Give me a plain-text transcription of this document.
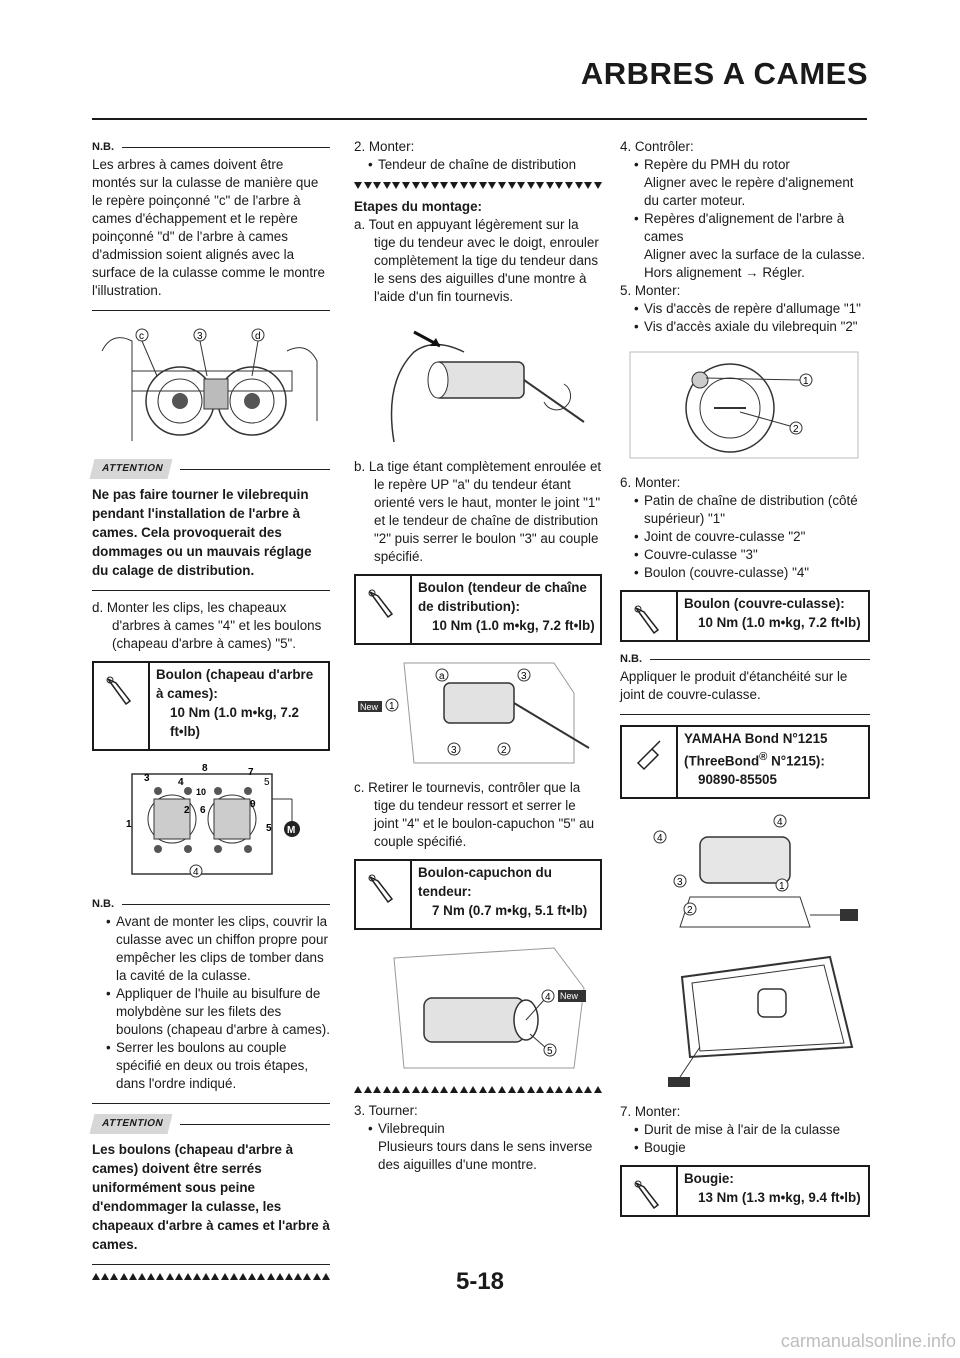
ARBRES A CAMES
N.B.
Les arbres à cames doivent être montés sur la culasse de manière que le repère poinçonné "c" de l'arbre à cames d'échappement et le repère poinçonné "d" de l'arbre à cames d'admission soient alignés avec la surface de la culasse comme le montre l'illustration.
c	3	d
ATTENTION
Ne pas faire tourner le vilebrequin pendant l'installation de l'arbre à cames. Cela provoquerait des dommages ou un mauvais réglage du calage de distribution.
d. Monter les clips, les chapeaux d'arbres à cames "4" et les boulons (chapeau d'arbre à cames) "5".
Boulon (chapeau d'arbre à cames):
10 Nm (1.0 m•kg, 7.2 ft•lb)
3	4
8	7
5
10
2 6
9
1	5
4
M
N.B.
• Avant de monter les clips, couvrir la culasse avec un chiffon propre pour empêcher les clips de tomber dans la cavité de la culasse.
• Appliquer de l'huile au bisulfure de molybdène sur les filets des boulons (chapeau d'arbre à cames).
• Serrer les boulons au couple spécifié en deux ou trois étapes, dans l'ordre indiqué.
ATTENTION
Les boulons (chapeau d'arbre à cames) doivent être serrés uniformément sous peine d'endommager la culasse, les chapeaux d'arbre à cames et l'arbre à cames.
2. Monter:
• Tendeur de chaîne de distribution
Etapes du montage:
a. Tout en appuyant légèrement sur la tige du tendeur avec le doigt, enrouler complètement la tige du tendeur dans le sens des aiguilles d'une montre à l'aide d'un fin tournevis.
b. La tige étant complètement enroulée et le repère UP "a" du tendeur étant orienté vers le haut, monter le joint "1" et le tendeur de chaîne de distribution "2" puis serrer le boulon "3" au couple spécifié.
Boulon (tendeur de chaîne de distribution):
10 Nm (1.0 m•kg, 7.2 ft•lb)
New 1
a	3
3	2
c. Retirer le tournevis, contrôler que la tige du tendeur ressort et serrer le joint "4" et le boulon-capuchon "5" au couple spécifié.
Boulon-capuchon du tendeur:
7 Nm (0.7 m•kg, 5.1 ft•lb)
4 New
5
3. Tourner:
• Vilebrequin
Plusieurs tours dans le sens inverse des aiguilles d'une montre.
4. Contrôler:
• Repère du PMH du rotor
Aligner avec le repère d'alignement du carter moteur.
• Repères d'alignement de l'arbre à cames
Aligner avec la surface de la culasse.
Hors alignement → Régler.
5. Monter:
• Vis d'accès de repère d'allumage "1"
• Vis d'accès axiale du vilebrequin "2"
1
2
6. Monter:
• Patin de chaîne de distribution (côté supérieur) "1"
• Joint de couvre-culasse "2"
• Couvre-culasse "3"
• Boulon (couvre-culasse) "4"
Boulon (couvre-culasse):
10 Nm (1.0 m•kg, 7.2 ft•lb)
N.B.
Appliquer le produit d'étanchéité sur le joint de couvre-culasse.
YAMAHA Bond N°1215 (ThreeBond® N°1215):
90890-85505
4
4
3	1
2
7. Monter:
• Durit de mise à l'air de la culasse
• Bougie
Bougie:
13 Nm (1.3 m•kg, 9.4 ft•lb)
5-18
carmanualsonline.info
